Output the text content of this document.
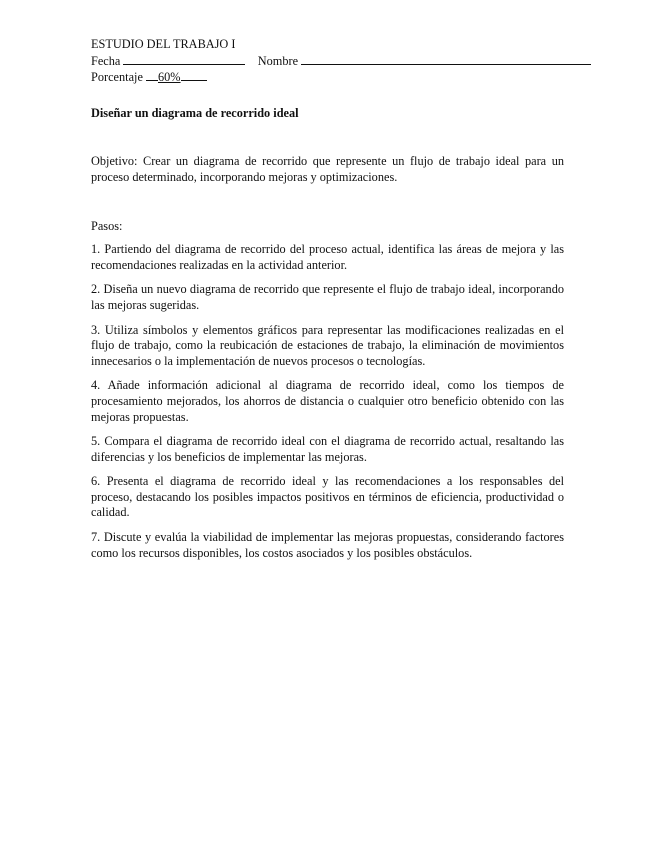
ESTUDIO DEL TRABAJO I
Fecha	Nombre
Porcentaje 60%
Diseñar un diagrama de recorrido ideal
Objetivo: Crear un diagrama de recorrido que represente un flujo de trabajo ideal para un proceso determinado, incorporando mejoras y optimizaciones.
Pasos:

1. Partiendo del diagrama de recorrido del proceso actual, identifica las áreas de mejora y las recomendaciones realizadas en la actividad anterior.

2. Diseña un nuevo diagrama de recorrido que represente el flujo de trabajo ideal, incorporando las mejoras sugeridas.

3. Utiliza símbolos y elementos gráficos para representar las modificaciones realizadas en el flujo de trabajo, como la reubicación de estaciones de trabajo, la eliminación de movimientos innecesarios o la implementación de nuevos procesos o tecnologías.

4. Añade información adicional al diagrama de recorrido ideal, como los tiempos de procesamiento mejorados, los ahorros de distancia o cualquier otro beneficio obtenido con las mejoras propuestas.

5. Compara el diagrama de recorrido ideal con el diagrama de recorrido actual, resaltando las diferencias y los beneficios de implementar las mejoras.

6. Presenta el diagrama de recorrido ideal y las recomendaciones a los responsables del proceso, destacando los posibles impactos positivos en términos de eficiencia, productividad o calidad.

7. Discute y evalúa la viabilidad de implementar las mejoras propuestas, considerando factores como los recursos disponibles, los costos asociados y los posibles obstáculos.
